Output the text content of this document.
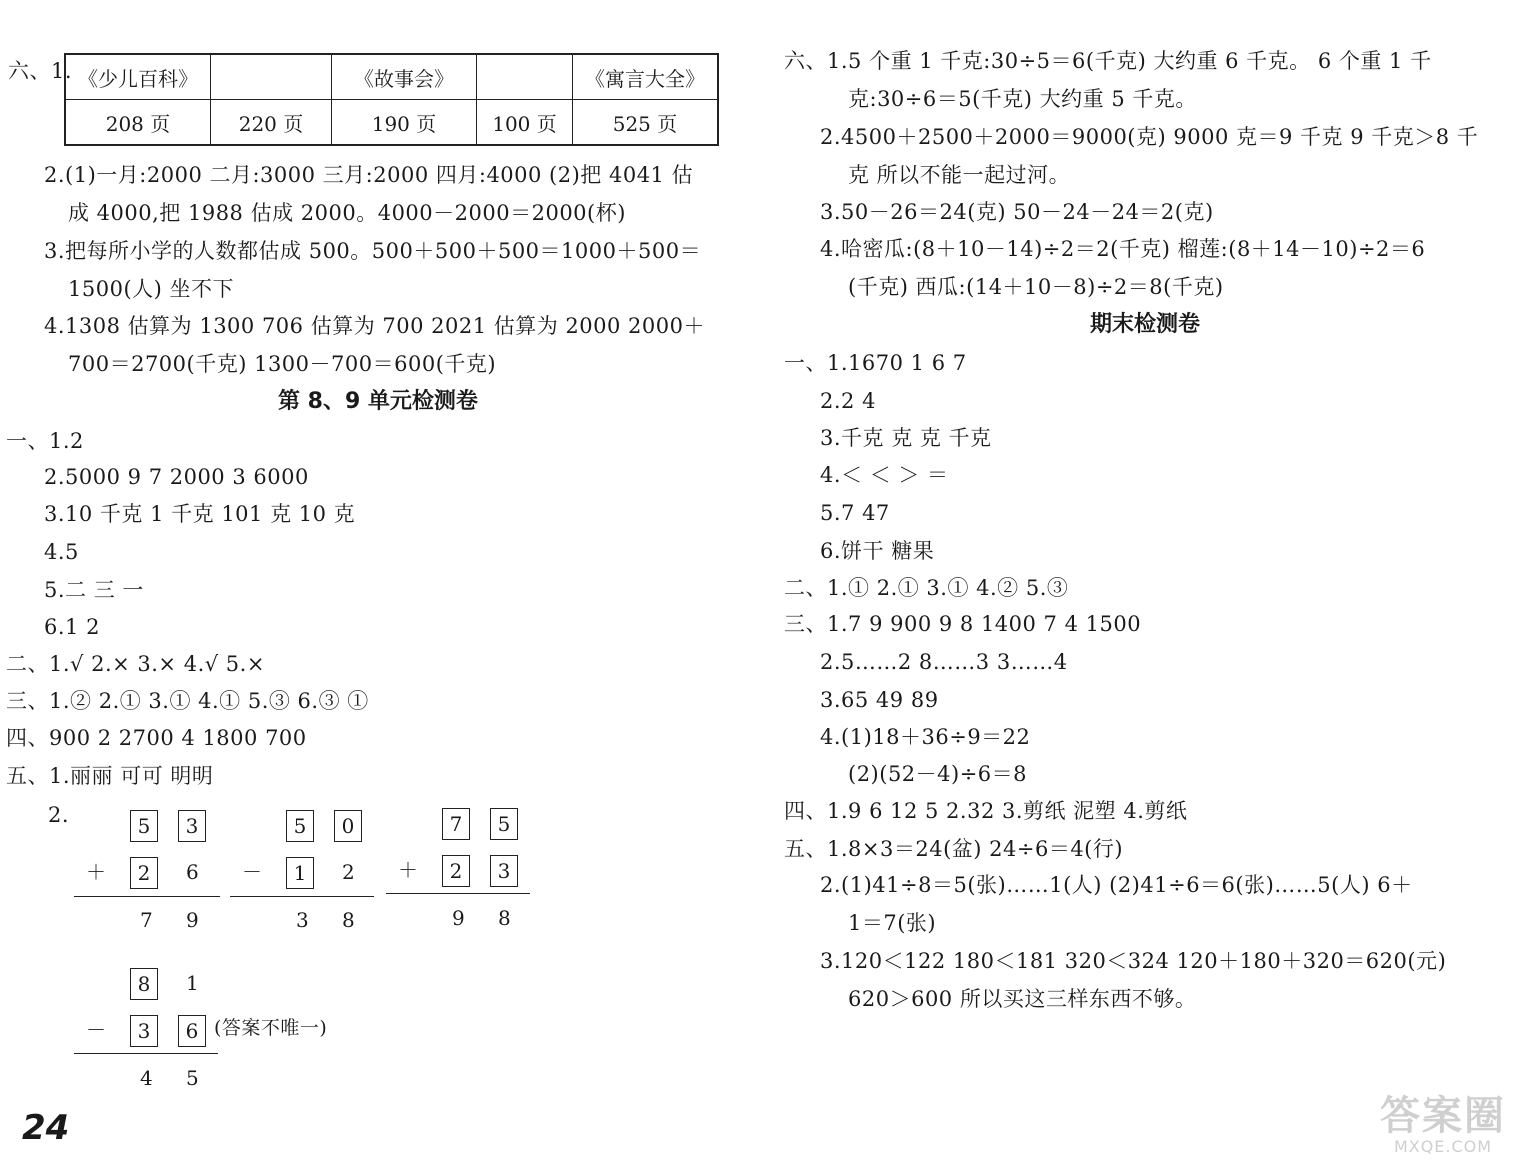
六、1. 《少儿百科》		《故事会》		《寓言大全》
208 页	220 页	190 页	100 页	525 页
2.(1)一月:2000 二月:3000 三月:2000 四月:4000 (2)把 4041 估
成 4000,把 1988 估成 2000。4000－2000＝2000(杯)
3.把每所小学的人数都估成 500。500＋500＋500＝1000＋500＝
1500(人) 坐不下
4.1308 估算为 1300 706 估算为 700 2021 估算为 2000 2000＋
700＝2700(千克) 1300－700＝600(千克)
第 8、9 单元检测卷
一、1.2
2.5000 9 7 2000 3 6000
3.10 千克 1 千克 101 克 10 克
4.5
5.二 三 一
6.1 2
二、1.√ 2.× 3.× 4.√ 5.×
三、1.② 2.① 3.① 4.① 5.③ 6.③ ①
四、900 2 2700 4 1800 700
五、1.丽丽 可可 明明
2.	5	3
＋	2	6
7 9
5	0
－	1	2
3 8
7	5
＋	2	3
9 8
8	1
－	3	6 (答案不唯一)
4 5
六、1.5 个重 1 千克:30÷5＝6(千克) 大约重 6 千克。 6 个重 1 千
克:30÷6＝5(千克) 大约重 5 千克。
2.4500＋2500＋2000＝9000(克) 9000 克＝9 千克 9 千克＞8 千
克 所以不能一起过河。
3.50－26＝24(克) 50－24－24＝2(克)
4.哈密瓜:(8＋10－14)÷2＝2(千克) 榴莲:(8＋14－10)÷2＝6
(千克) 西瓜:(14＋10－8)÷2＝8(千克)
期末检测卷
一、1.1670 1 6 7
2.2 4
3.千克 克 克 千克
4.＜ ＜ ＞ ＝
5.7 47
6.饼干 糖果
二、1.① 2.① 3.① 4.② 5.③
三、1.7 9 900 9 8 1400 7 4 1500
2.5……2 8……3 3……4
3.65 49 89
4.(1)18＋36÷9＝22
(2)(52－4)÷6＝8
四、1.9 6 12 5 2.32 3.剪纸 泥塑 4.剪纸
五、1.8×3＝24(盆) 24÷6＝4(行)
2.(1)41÷8＝5(张)……1(人) (2)41÷6＝6(张)……5(人) 6＋
1＝7(张)
3.120＜122 180＜181 320＜324 120＋180＋320＝620(元)
620＞600 所以买这三样东西不够。
24	答案圈
MXQE.COM
